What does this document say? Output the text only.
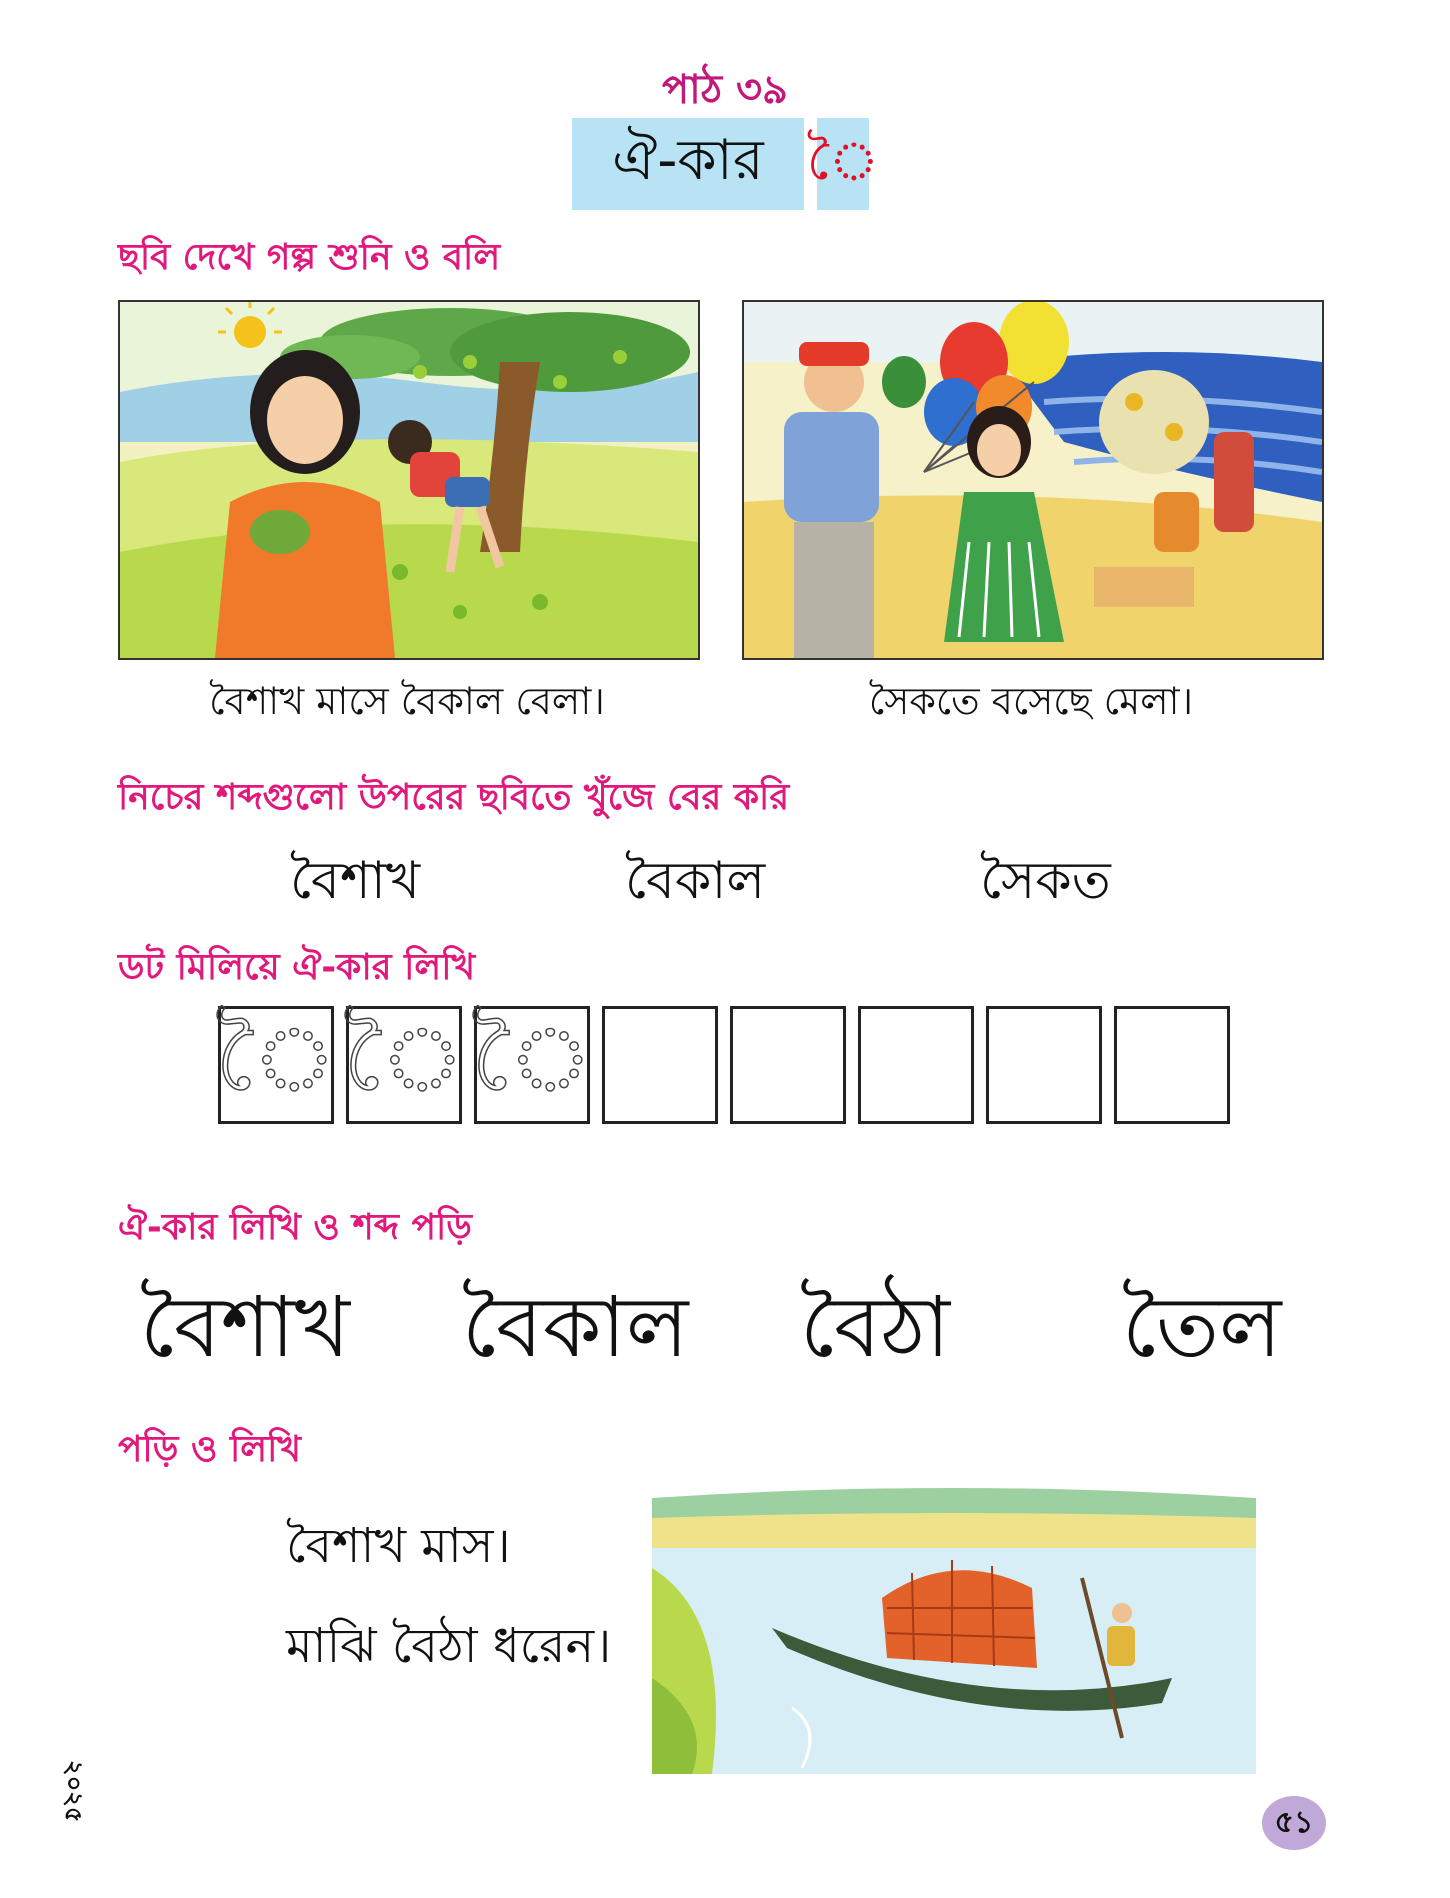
পাঠ ৩৯
ঐ-কার ৈ
ছবি দেখে গল্প শুনি ও বলি
বৈশাখ মাসে বৈকাল বেলা।	সৈকতে বসেছে মেলা।
নিচের শব্দগুলো উপরের ছবিতে খুঁজে বের করি
বৈশাখ	বৈকাল	সৈকত
ডট মিলিয়ে ঐ-কার লিখি
ৈ ৈ ৈ
ঐ-কার লিখি ও শব্দ পড়ি
বৈশাখ বৈকাল বৈঠা তৈল
পড়ি ও লিখি
বৈশাখ মাস।
মাঝি বৈঠা ধরেন।
২০২৫	৫১
